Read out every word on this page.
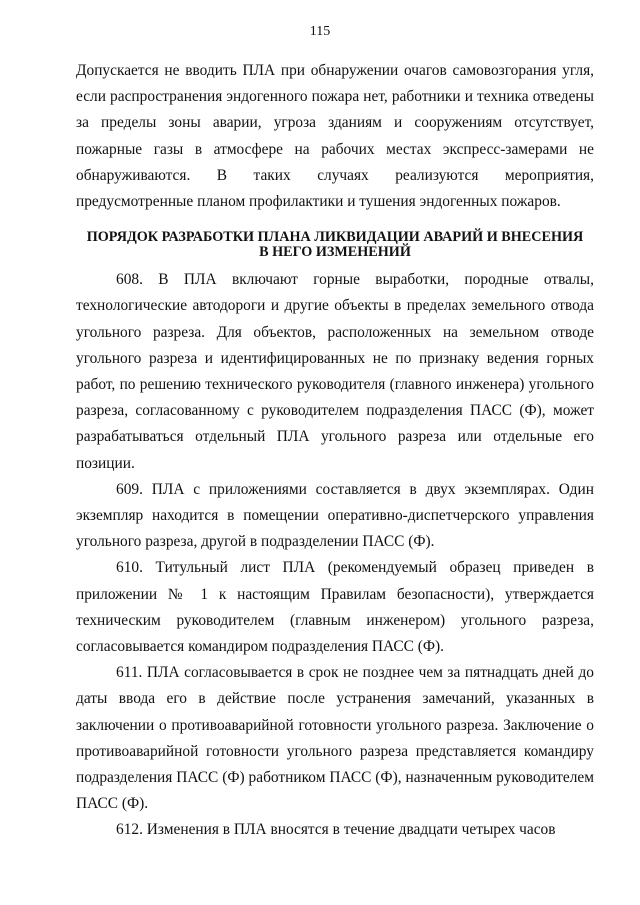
115

Допускается не вводить ПЛА при обнаружении очагов самовозгорания угля, если распространения эндогенного пожара нет, работники и техника отведены за пределы зоны аварии, угроза зданиям и сооружениям отсутствует, пожарные газы в атмосфере на рабочих местах экспресс-замерами не обнаруживаются. В таких случаях реализуются мероприятия, предусмотренные планом профилактики и тушения эндогенных пожаров.

ПОРЯДОК РАЗРАБОТКИ ПЛАНА ЛИКВИДАЦИИ АВАРИЙ И ВНЕСЕНИЯ
В НЕГО ИЗМЕНЕНИЙ

608. В ПЛА включают горные выработки, породные отвалы, технологические автодороги и другие объекты в пределах земельного отвода угольного разреза. Для объектов, расположенных на земельном отводе угольного разреза и идентифицированных не по признаку ведения горных работ, по решению технического руководителя (главного инженера) угольного разреза, согласованному с руководителем подразделения ПАСС (Ф), может разрабатываться отдельный ПЛА угольного разреза или отдельные его позиции.

609. ПЛА с приложениями составляется в двух экземплярах. Один экземпляр находится в помещении оперативно-диспетчерского управления угольного разреза, другой в подразделении ПАСС (Ф).

610. Титульный лист ПЛА (рекомендуемый образец приведен в приложении № 1 к настоящим Правилам безопасности), утверждается техническим руководителем (главным инженером) угольного разреза, согласовывается командиром подразделения ПАСС (Ф).

611. ПЛА согласовывается в срок не позднее чем за пятнадцать дней до даты ввода его в действие после устранения замечаний, указанных в заключении о противоаварийной готовности угольного разреза. Заключение о противоаварийной готовности угольного разреза представляется командиру подразделения ПАСС (Ф) работником ПАСС (Ф), назначенным руководителем ПАСС (Ф).

612. Изменения в ПЛА вносятся в течение двадцати четырех часов
